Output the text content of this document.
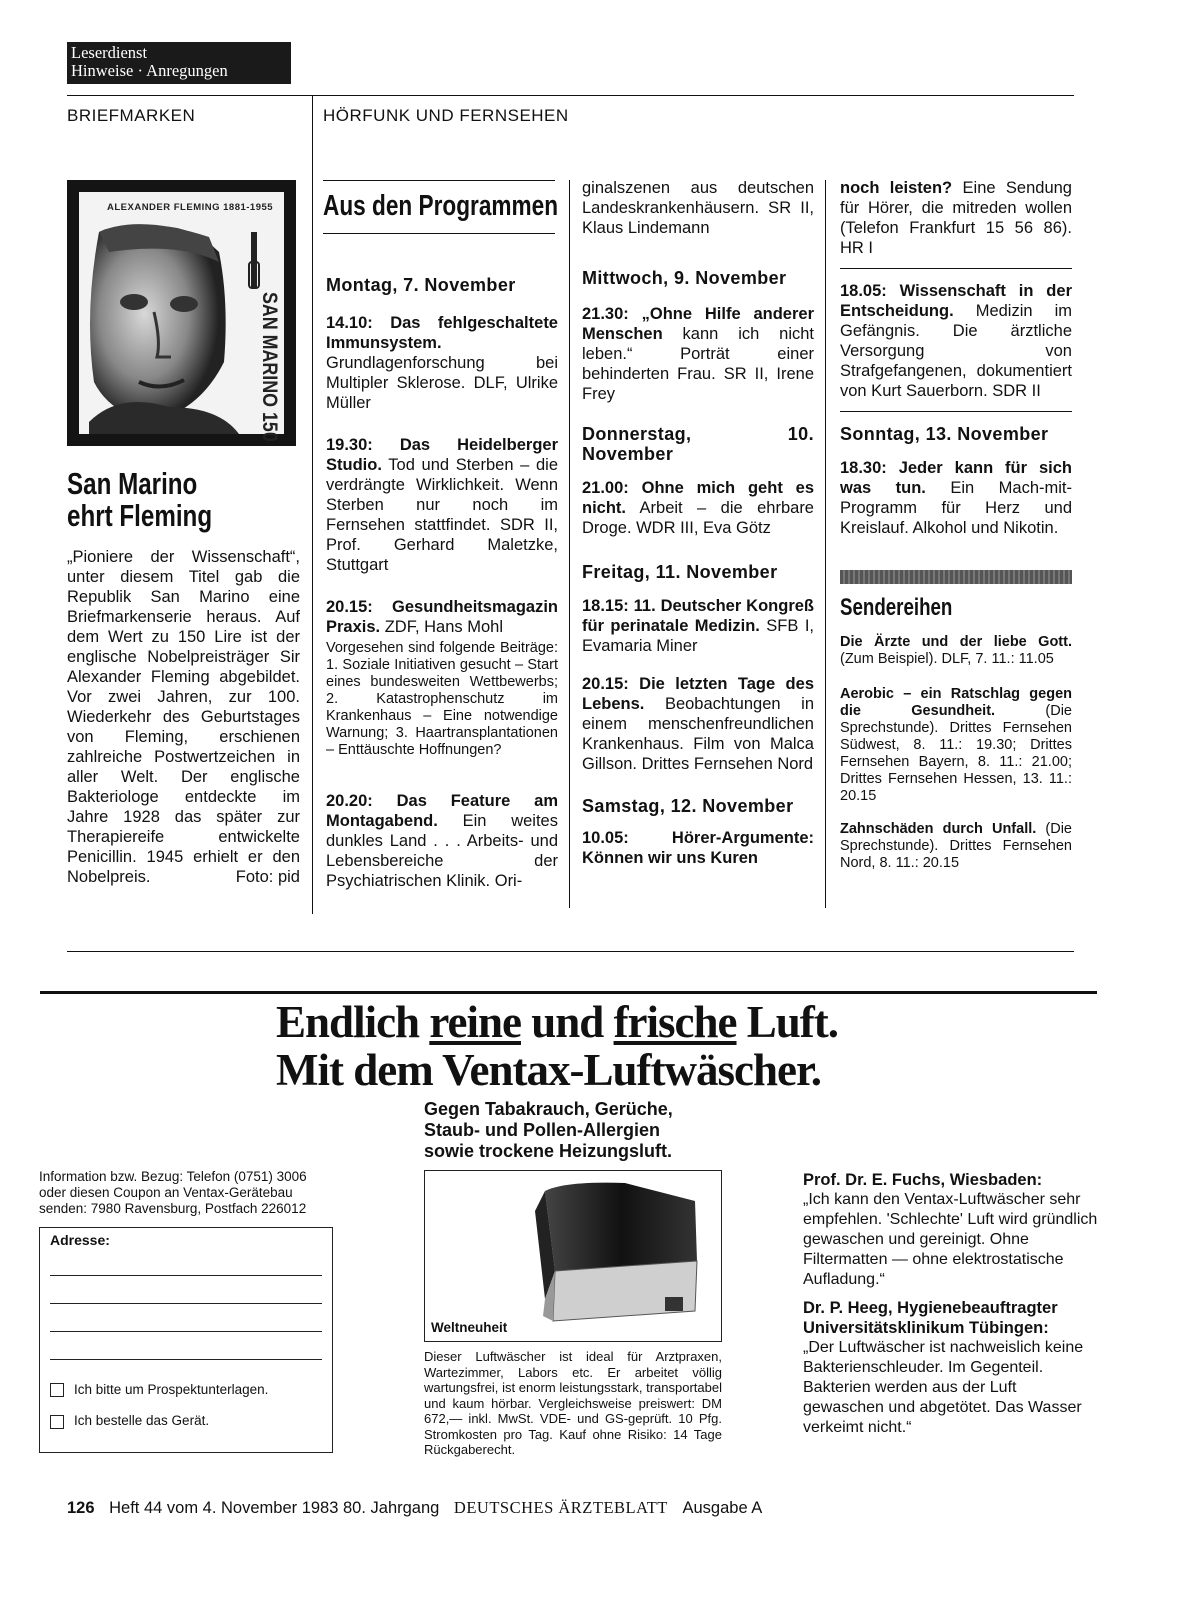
Leserdienst
Hinweise · Anregungen
BRIEFMARKEN	HÖRFUNK UND FERNSEHEN
ALEXANDER FLEMING 1881-1955
SAN MARINO 150
San Marino
ehrt Fleming
„Pioniere der Wissenschaft“, unter diesem Titel gab die Republik San Marino eine Briefmarkenserie heraus. Auf dem Wert zu 150 Lire ist der englische Nobelpreisträger Sir Alexander Fleming abgebildet. Vor zwei Jahren, zur 100. Wiederkehr des Geburtstages von Fleming, erschienen zahlreiche Postwertzeichen in aller Welt. Der englische Bakteriologe entdeckte im Jahre 1928 das später zur Therapiereife entwickelte Penicillin. 1945 erhielt er den Nobelpreis.	Foto: pid
Aus den Programmen
Montag, 7. November
14.10: Das fehlgeschaltete Immunsystem. Grundlagenforschung bei Multipler Sklerose. DLF, Ulrike Müller
19.30: Das Heidelberger Studio. Tod und Sterben – die verdrängte Wirklichkeit. Wenn Sterben nur noch im Fernsehen stattfindet. SDR II, Prof. Gerhard Maletzke, Stuttgart
20.15: Gesundheitsmagazin Praxis. ZDF, Hans Mohl
Vorgesehen sind folgende Beiträge: 1. Soziale Initiativen gesucht – Start eines bundesweiten Wettbewerbs; 2. Katastrophenschutz im Krankenhaus – Eine notwendige Warnung; 3. Haartransplantationen – Enttäuschte Hoffnungen?
20.20: Das Feature am Montagabend. Ein weites dunkles Land . . . Arbeits- und Lebensbereiche der Psychiatrischen Klinik. Ori-
ginalszenen aus deutschen Landeskrankenhäusern. SR II, Klaus Lindemann
Mittwoch, 9. November
21.30: „Ohne Hilfe anderer Menschen kann ich nicht leben.“ Porträt einer behinderten Frau. SR II, Irene Frey
Donnerstag, 10. November
21.00: Ohne mich geht es nicht. Arbeit – die ehrbare Droge. WDR III, Eva Götz
Freitag, 11. November
18.15: 11. Deutscher Kongreß für perinatale Medizin. SFB I, Evamaria Miner
20.15: Die letzten Tage des Lebens. Beobachtungen in einem menschenfreundlichen Krankenhaus. Film von Malca Gillson. Drittes Fernsehen Nord
Samstag, 12. November
10.05: Hörer-Argumente: Können wir uns Kuren
noch leisten? Eine Sendung für Hörer, die mitreden wollen (Telefon Frankfurt 15 56 86). HR I
18.05: Wissenschaft in der Entscheidung. Medizin im Gefängnis. Die ärztliche Versorgung von Strafgefangenen, dokumentiert von Kurt Sauerborn. SDR II
Sonntag, 13. November
18.30: Jeder kann für sich was tun. Ein Mach-mit-Programm für Herz und Kreislauf. Alkohol und Nikotin.
Sendereihen
Die Ärzte und der liebe Gott. (Zum Beispiel). DLF, 7. 11.: 11.05
Aerobic – ein Ratschlag gegen die Gesundheit. (Die Sprechstunde). Drittes Fernsehen Südwest, 8. 11.: 19.30; Drittes Fernsehen Bayern, 8. 11.: 21.00; Drittes Fernsehen Hessen, 13. 11.: 20.15
Zahnschäden durch Unfall. (Die Sprechstunde). Drittes Fernsehen Nord, 8. 11.: 20.15
Endlich reine und frische Luft.
Mit dem Ventax-Luftwäscher.
Gegen Tabakrauch, Gerüche,
Staub- und Pollen-Allergien
sowie trockene Heizungsluft.
Information bzw. Bezug: Telefon (0751) 3006
oder diesen Coupon an Ventax-Gerätebau
senden: 7980 Ravensburg, Postfach 226012
Adresse:
Ich bitte um Prospektunterlagen.
Ich bestelle das Gerät.
Weltneuheit
Dieser Luftwäscher ist ideal für Arztpraxen, Wartezimmer, Labors etc. Er arbeitet völlig wartungsfrei, ist enorm leistungsstark, transportabel und kaum hörbar. Vergleichsweise preiswert: DM 672,— inkl. MwSt. VDE- und GS-geprüft. 10 Pfg. Stromkosten pro Tag. Kauf ohne Risiko: 14 Tage Rückgaberecht.
Prof. Dr. E. Fuchs, Wiesbaden:
„Ich kann den Ventax-Luftwäscher sehr empfehlen. 'Schlechte' Luft wird gründlich gewaschen und gereinigt. Ohne Filtermatten — ohne elektrostatische Aufladung.“
Dr. P. Heeg, Hygienebeauftragter Universitätsklinikum Tübingen:
„Der Luftwäscher ist nachweislich keine Bakterienschleuder. Im Gegenteil. Bakterien werden aus der Luft gewaschen und abgetötet. Das Wasser verkeimt nicht.“
126 Heft 44 vom 4. November 1983 80. Jahrgang DEUTSCHES ÄRZTEBLATT Ausgabe A
